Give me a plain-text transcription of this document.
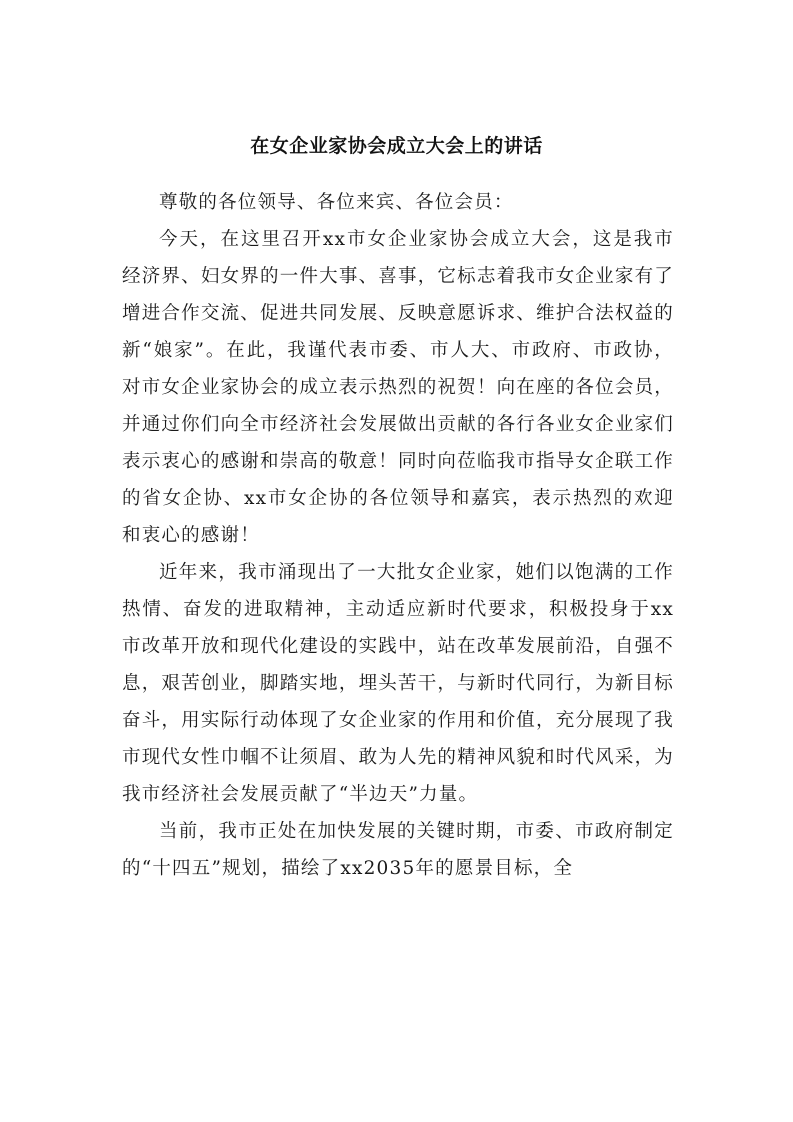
在女企业家协会成立大会上的讲话

尊敬的各位领导、各位来宾、各位会员：

今天，在这里召开xx市女企业家协会成立大会，这是我市经济界、妇女界的一件大事、喜事，它标志着我市女企业家有了增进合作交流、促进共同发展、反映意愿诉求、维护合法权益的新“娘家”。在此，我谨代表市委、市人大、市政府、市政协，对市女企业家协会的成立表示热烈的祝贺！向在座的各位会员，并通过你们向全市经济社会发展做出贡献的各行各业女企业家们表示衷心的感谢和崇高的敬意！同时向莅临我市指导女企联工作的省女企协、xx市女企协的各位领导和嘉宾，表示热烈的欢迎和衷心的感谢！

近年来，我市涌现出了一大批女企业家，她们以饱满的工作热情、奋发的进取精神，主动适应新时代要求，积极投身于xx市改革开放和现代化建设的实践中，站在改革发展前沿，自强不息，艰苦创业，脚踏实地，埋头苦干，与新时代同行，为新目标奋斗，用实际行动体现了女企业家的作用和价值，充分展现了我市现代女性巾帼不让须眉、敢为人先的精神风貌和时代风采，为我市经济社会发展贡献了“半边天”力量。

当前，我市正处在加快发展的关键时期，市委、市政府制定的“十四五”规划，描绘了xx2035年的愿景目标，全
